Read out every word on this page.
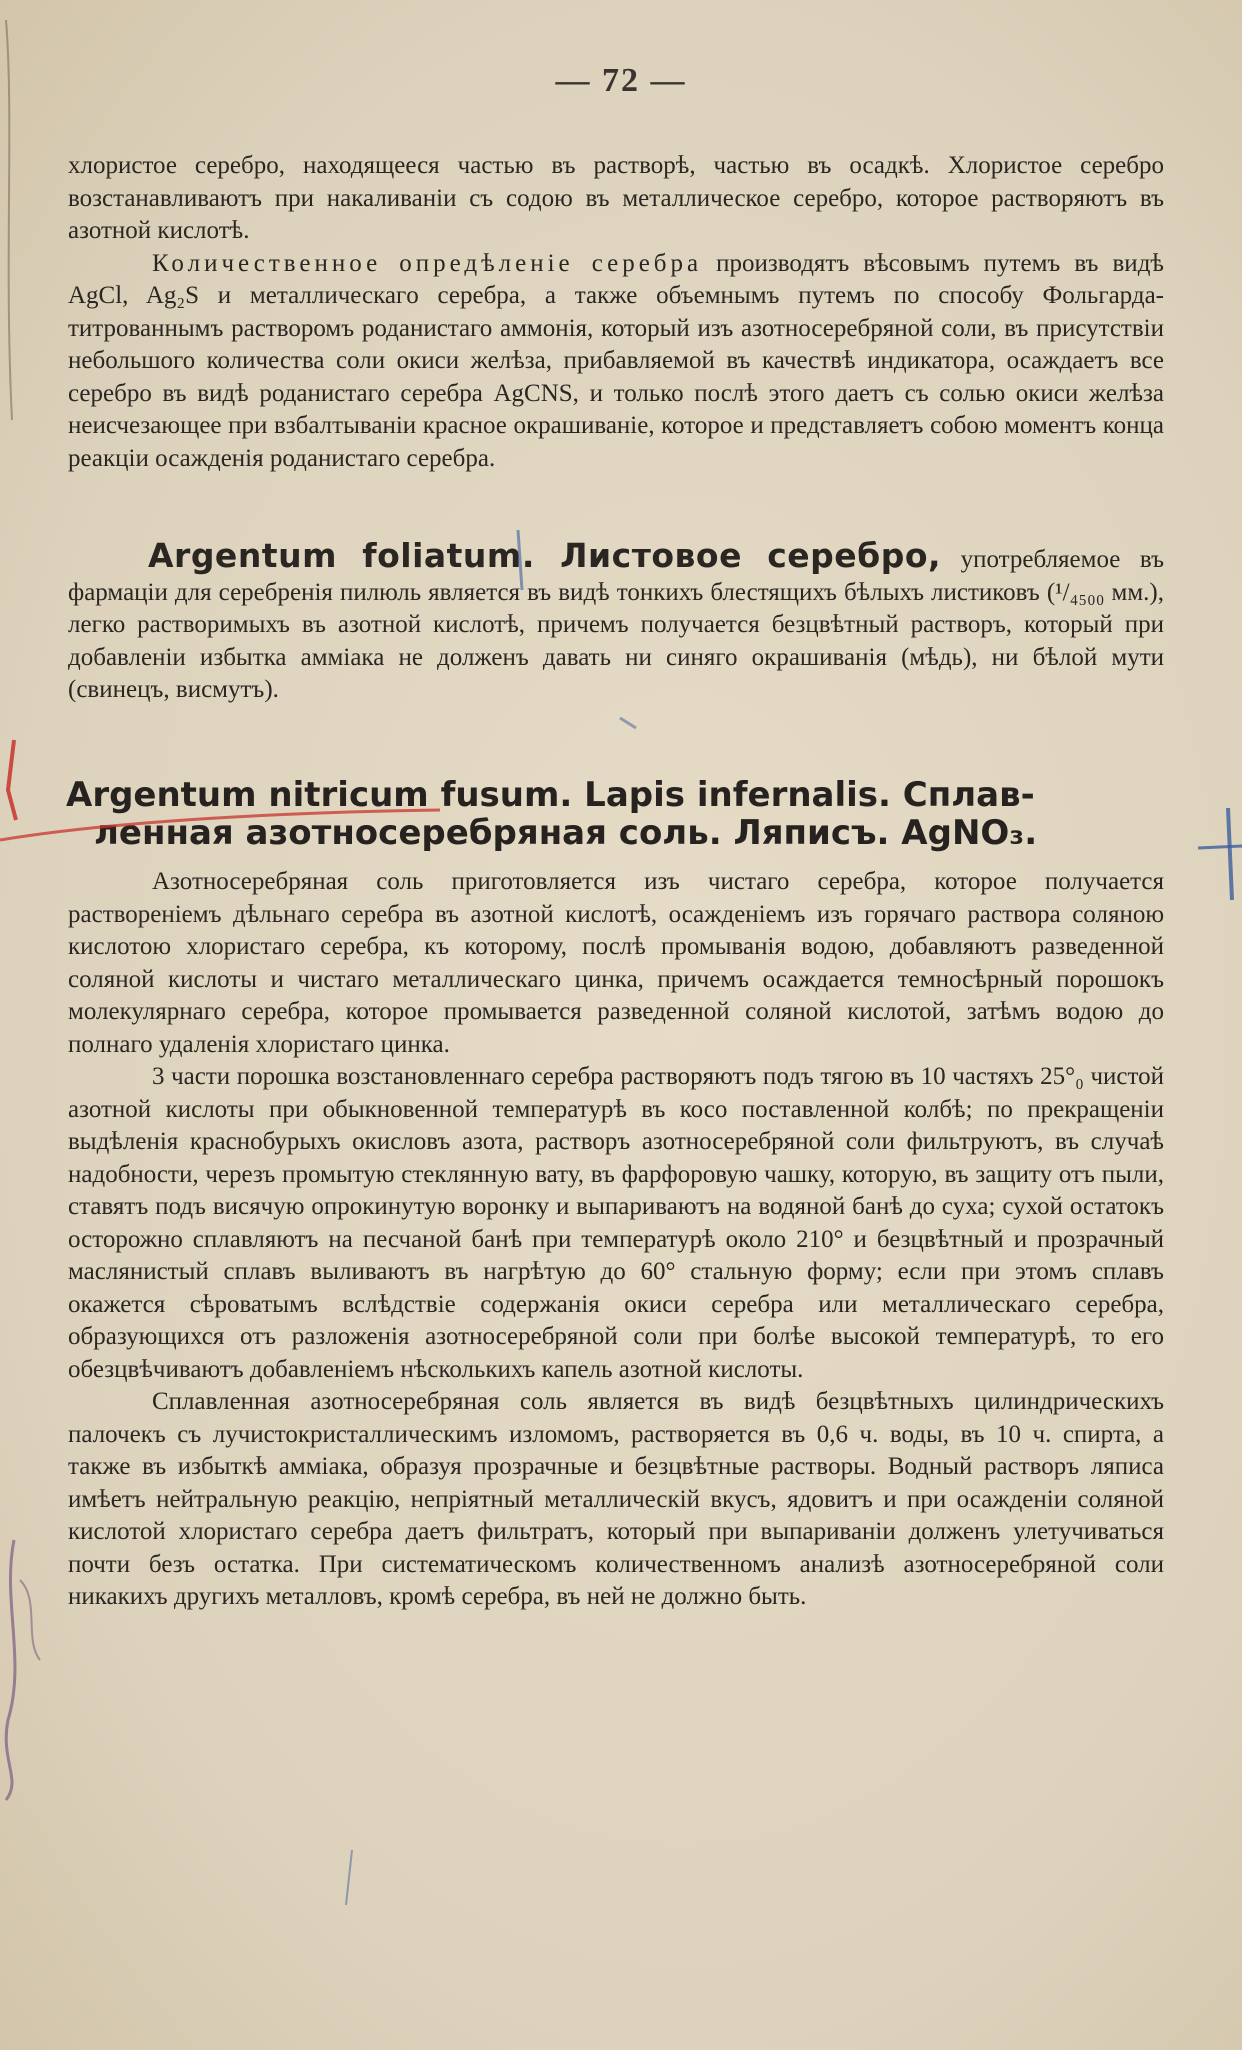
— 72 —

хлористое серебро, находящееся частью въ растворѣ, частью въ осадкѣ. Хлористое серебро возстанавливаютъ при накаливанiи съ содою въ металлическое серебро, которое растворяютъ въ азотной кислотѣ.

Количественное опредѣленiе серебра производятъ вѣсовымъ путемъ въ видѣ AgCl, Ag₂S и металлическагo серебра, а также объемнымъ путемъ по способу Фольгарда-титрованнымъ растворомъ роданистаго аммонiя, который изъ азотносеребряной соли, въ присутствiи небольшого количества соли окиси желѣза, прибавляемой въ качествѣ индикатора, осаждаетъ все серебро въ видѣ роданистаго серебра AgCNS, и только послѣ этого даетъ съ солью окиси желѣза неисчезающее при взбалтыванiи красное окрашиванiе, которое и представляетъ собою моментъ конца реакцiи осажденiя роданистаго серебра.

Argentum foliatum. Листовое серебро, употребляемое въ фармацiи для серебренiя пилюль является въ видѣ тонкихъ блестящихъ бѣлыхъ листиковъ (¹/₄₅₀₀ мм.), легко растворимыхъ въ азотной кислотѣ, причемъ получается безцвѣтный растворъ, который при добавленiи избытка амміака не долженъ давать ни синяго окрашиванiя (мѣдь), ни бѣлой мути (свинецъ, висмутъ).

Argentum nitricum fusum. Lapis infernalis. Сплав-
ленная азотносеребряная соль. Ляписъ. AgNO₃.

Азотносеребряная соль приготовляется изъ чистаго серебра, которое получается растворенiемъ дѣльнаго серебра въ азотной кислотѣ, осажденiемъ изъ горячаго раствора соляною кислотою хлористаго серебра, къ которому, послѣ промыванiя водою, добавляютъ разведенной соляной кислоты и чистаго металлическагo цинка, причемъ осаждается темносѣрный порошокъ молекулярнаго серебра, которое промывается разведенной соляной кислотой, затѣмъ водою до полнаго удаленiя хлористаго цинка.

3 части порошка возстановленнаго серебра растворяютъ подъ тягою въ 10 частяхъ 25°₀ чистой азотной кислоты при обыкновенной температурѣ въ косо поставленной колбѣ; по прекращенiи выдѣленiя краснобурыхъ окисловъ азота, растворъ азотносеребряной соли фильтруютъ, въ случаѣ надобности, черезъ промытую стеклянную вату, въ фарфоровую чашку, которую, въ защиту отъ пыли, ставятъ подъ висячую опрокинутую воронку и выпариваютъ на водяной банѣ до суха; сухой остатокъ осторожно сплавляютъ на песчаной банѣ при температурѣ около 210° и безцвѣтный и прозрачный маслянистый сплавъ выливаютъ въ нагрѣтую до 60° стальную форму; если при этомъ сплавъ окажется сѣроватымъ вслѣдствiе содержанiя окиси серебра или металлическагo серебра, образующихся отъ разложенiя азотносеребряной соли при болѣе высокой температурѣ, то его обезцвѣчиваютъ добавленiемъ нѣсколькихъ капель азотной кислоты.

Сплавленная азотносеребряная соль является въ видѣ безцвѣтныхъ цилиндрическихъ палочекъ съ лучистокристаллическимъ изломомъ, растворяется въ 0,6 ч. воды, въ 10 ч. спирта, а также въ избыткѣ амміака, образуя прозрачные и безцвѣтные растворы. Водный растворъ ляписа имѣетъ нейтральную реакцiю, непрiятный металлическiй вкусъ, ядовитъ и при осажденiи соляной кислотой хлористаго серебра даетъ фильтратъ, который при выпариванiи долженъ улетучиваться почти безъ остатка. При систематическомъ количественномъ анализѣ азотносеребряной соли никакихъ другихъ металловъ, кромѣ серебра, въ ней не должно быть.
